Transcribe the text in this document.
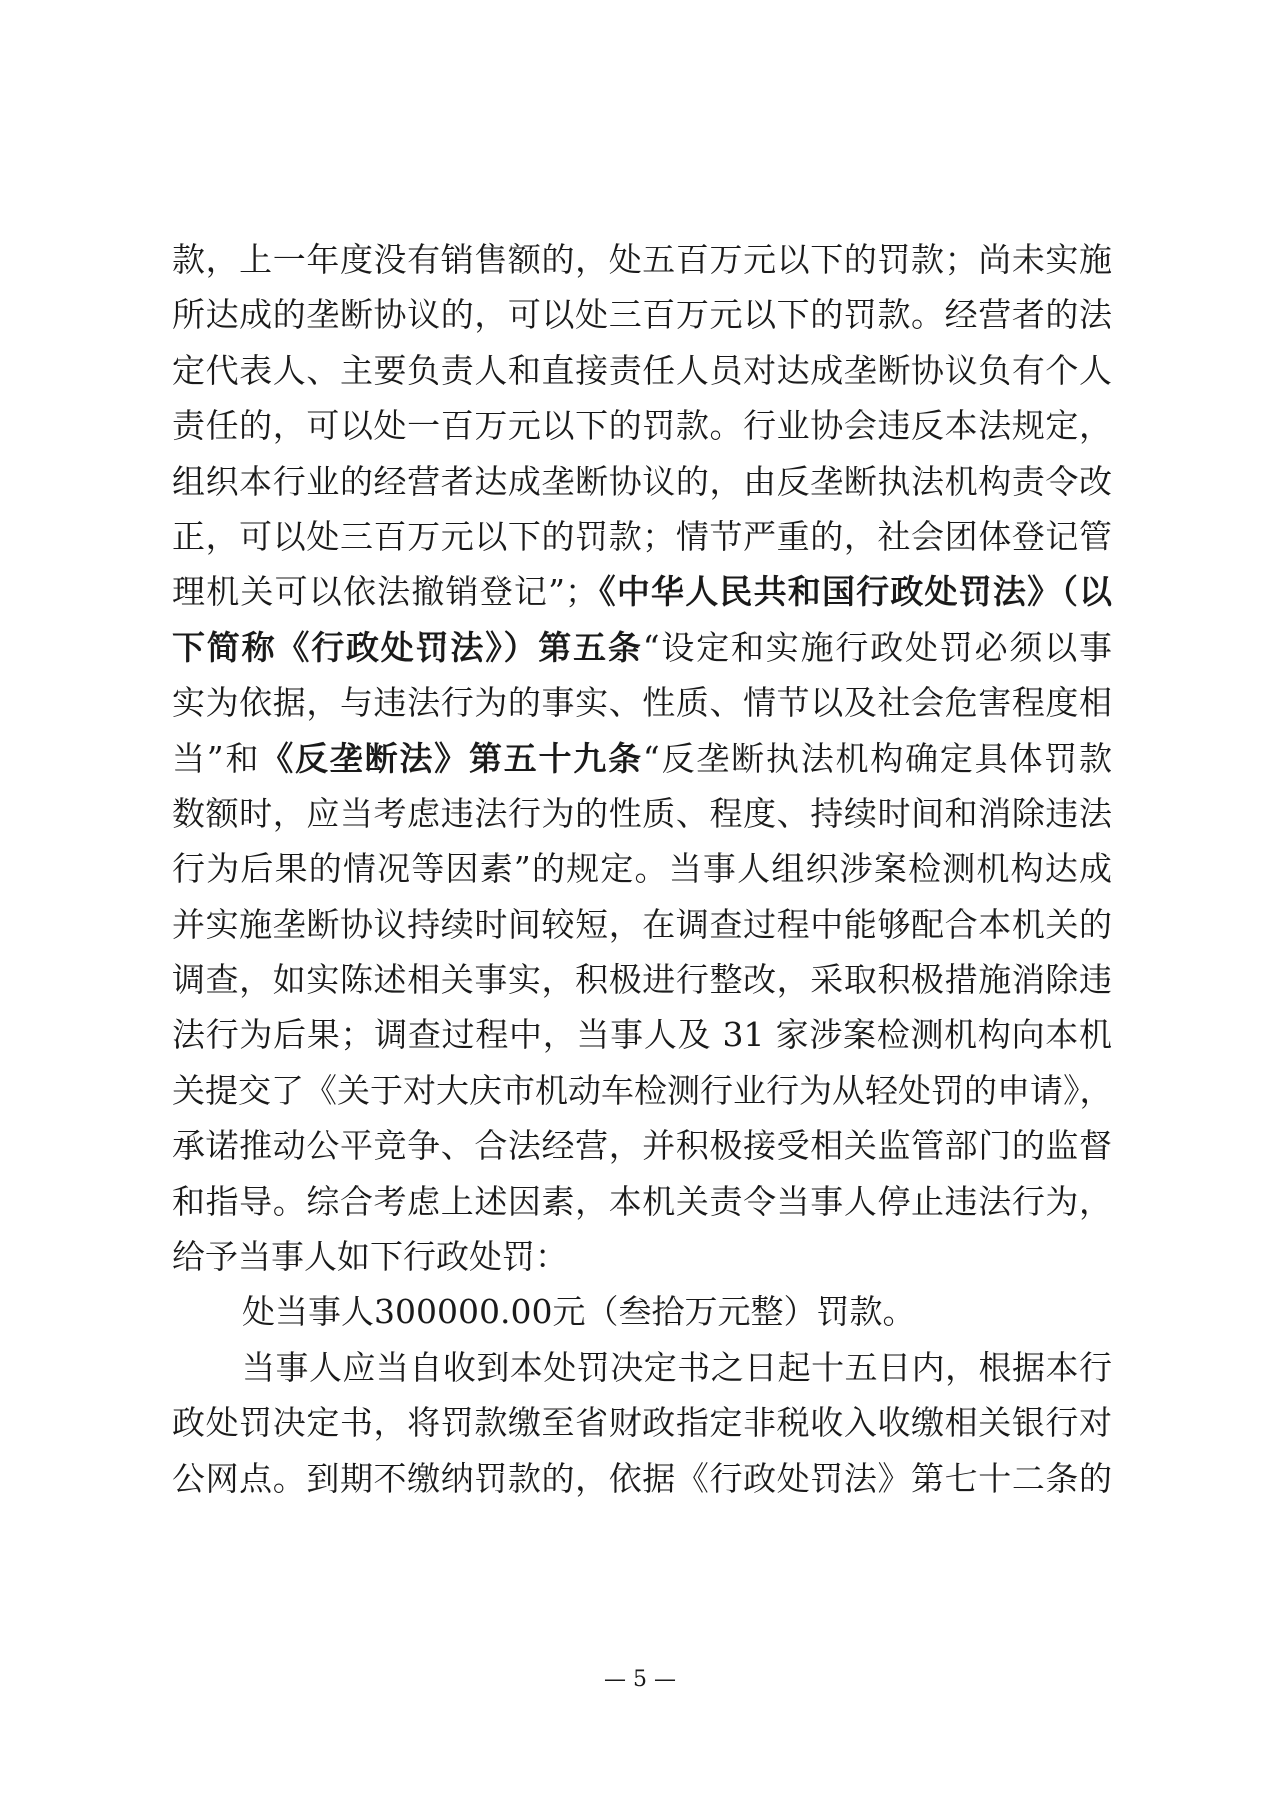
款，上一年度没有销售额的，处五百万元以下的罚款；尚未实施
所达成的垄断协议的，可以处三百万元以下的罚款。经营者的法
定代表人、主要负责人和直接责任人员对达成垄断协议负有个人
责任的，可以处一百万元以下的罚款。行业协会违反本法规定，
组织本行业的经营者达成垄断协议的，由反垄断执法机构责令改
正，可以处三百万元以下的罚款；情节严重的，社会团体登记管
理机关可以依法撤销登记”；《中华人民共和国行政处罚法》（以
下简称《行政处罚法》）第五条“设定和实施行政处罚必须以事
实为依据，与违法行为的事实、性质、情节以及社会危害程度相
当”和《反垄断法》第五十九条“反垄断执法机构确定具体罚款
数额时，应当考虑违法行为的性质、程度、持续时间和消除违法
行为后果的情况等因素”的规定。当事人组织涉案检测机构达成
并实施垄断协议持续时间较短，在调查过程中能够配合本机关的
调查，如实陈述相关事实，积极进行整改，采取积极措施消除违
法行为后果；调查过程中，当事人及 31 家涉案检测机构向本机
关提交了《关于对大庆市机动车检测行业行为从轻处罚的申请》，
承诺推动公平竞争、合法经营，并积极接受相关监管部门的监督
和指导。综合考虑上述因素，本机关责令当事人停止违法行为，
给予当事人如下行政处罚：
处当事人300000.00元（叁拾万元整）罚款。
当事人应当自收到本处罚决定书之日起十五日内，根据本行
政处罚决定书，将罚款缴至省财政指定非税收入收缴相关银行对
公网点。到期不缴纳罚款的，依据《行政处罚法》第七十二条的
— 5 —
